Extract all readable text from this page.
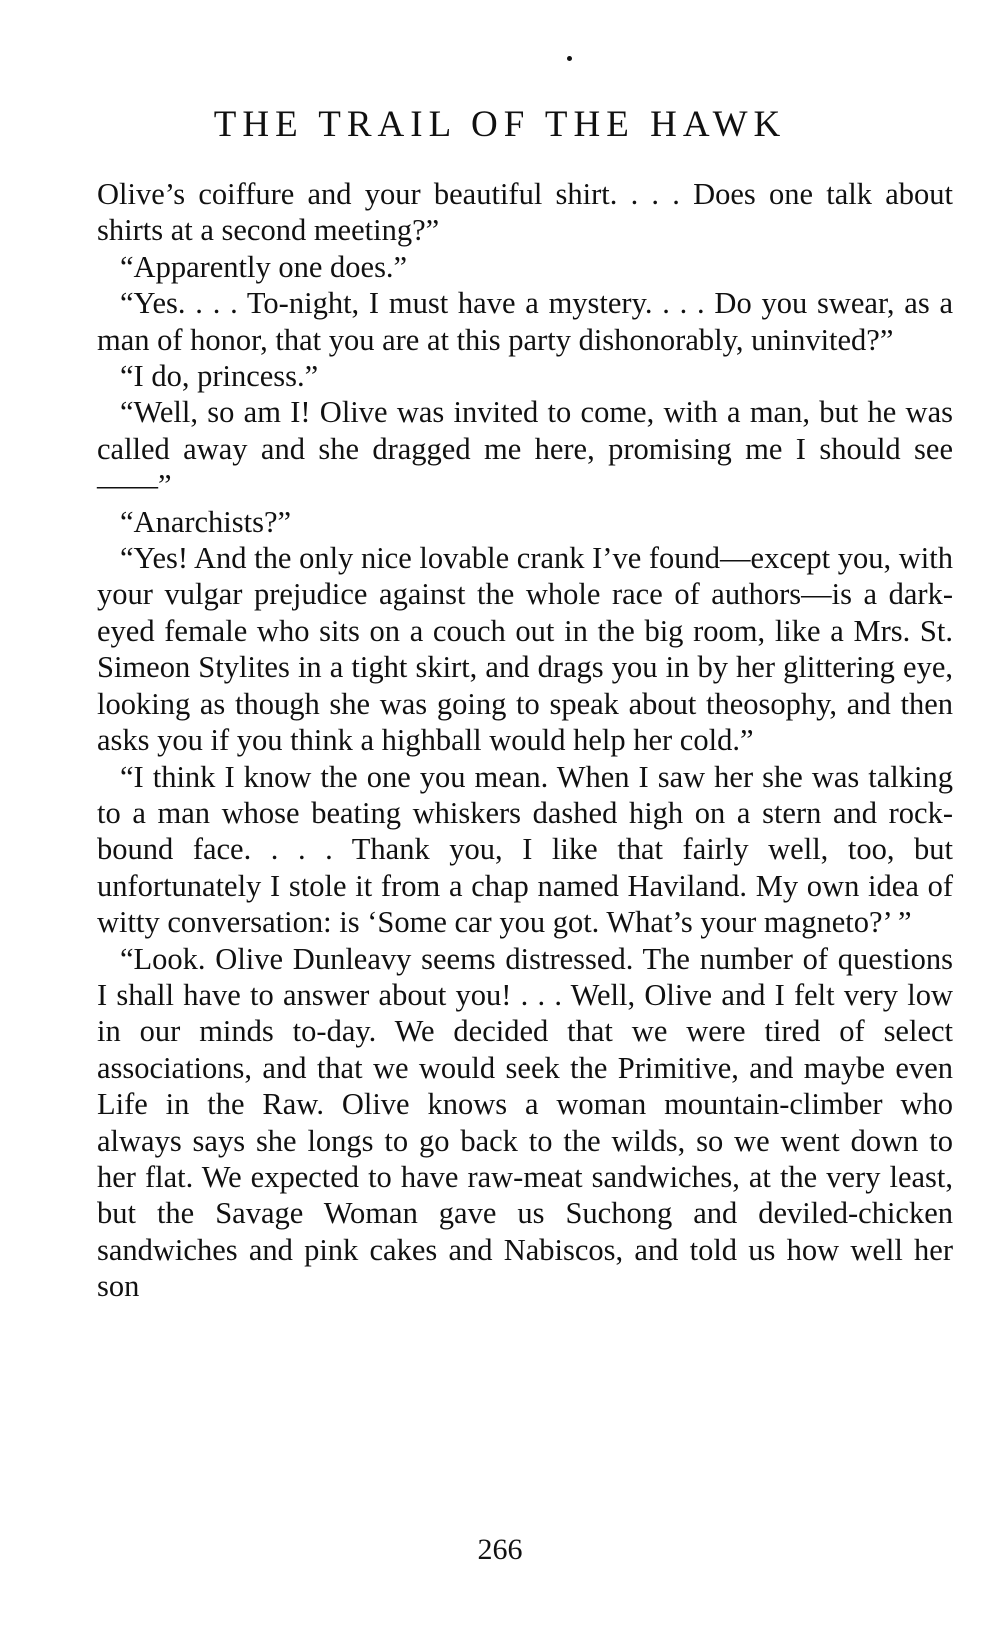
THE TRAIL OF THE HAWK

Olive’s coiffure and your beautiful shirt. . . . Does one talk about shirts at a second meeting?”

“Apparently one does.”

“Yes. . . . To-night, I must have a mystery. . . . Do you swear, as a man of honor, that you are at this party dishonorably, uninvited?”

“I do, princess.”

“Well, so am I! Olive was invited to come, with a man, but he was called away and she dragged me here, promising me I should see——”

“Anarchists?”

“Yes! And the only nice lovable crank I’ve found—except you, with your vulgar prejudice against the whole race of authors—is a dark-eyed female who sits on a couch out in the big room, like a Mrs. St. Simeon Stylites in a tight skirt, and drags you in by her glittering eye, looking as though she was going to speak about theosophy, and then asks you if you think a highball would help her cold.”

“I think I know the one you mean. When I saw her she was talking to a man whose beating whiskers dashed high on a stern and rock-bound face. . . . Thank you, I like that fairly well, too, but unfortunately I stole it from a chap named Haviland. My own idea of witty conversation: is ‘Some car you got. What’s your magneto?’ ”

“Look. Olive Dunleavy seems distressed. The number of questions I shall have to answer about you! . . . Well, Olive and I felt very low in our minds to-day. We decided that we were tired of select associations, and that we would seek the Primitive, and maybe even Life in the Raw. Olive knows a woman mountain-climber who always says she longs to go back to the wilds, so we went down to her flat. We expected to have raw-meat sandwiches, at the very least, but the Savage Woman gave us Suchong and deviled-chicken sandwiches and pink cakes and Nabiscos, and told us how well her son

266
